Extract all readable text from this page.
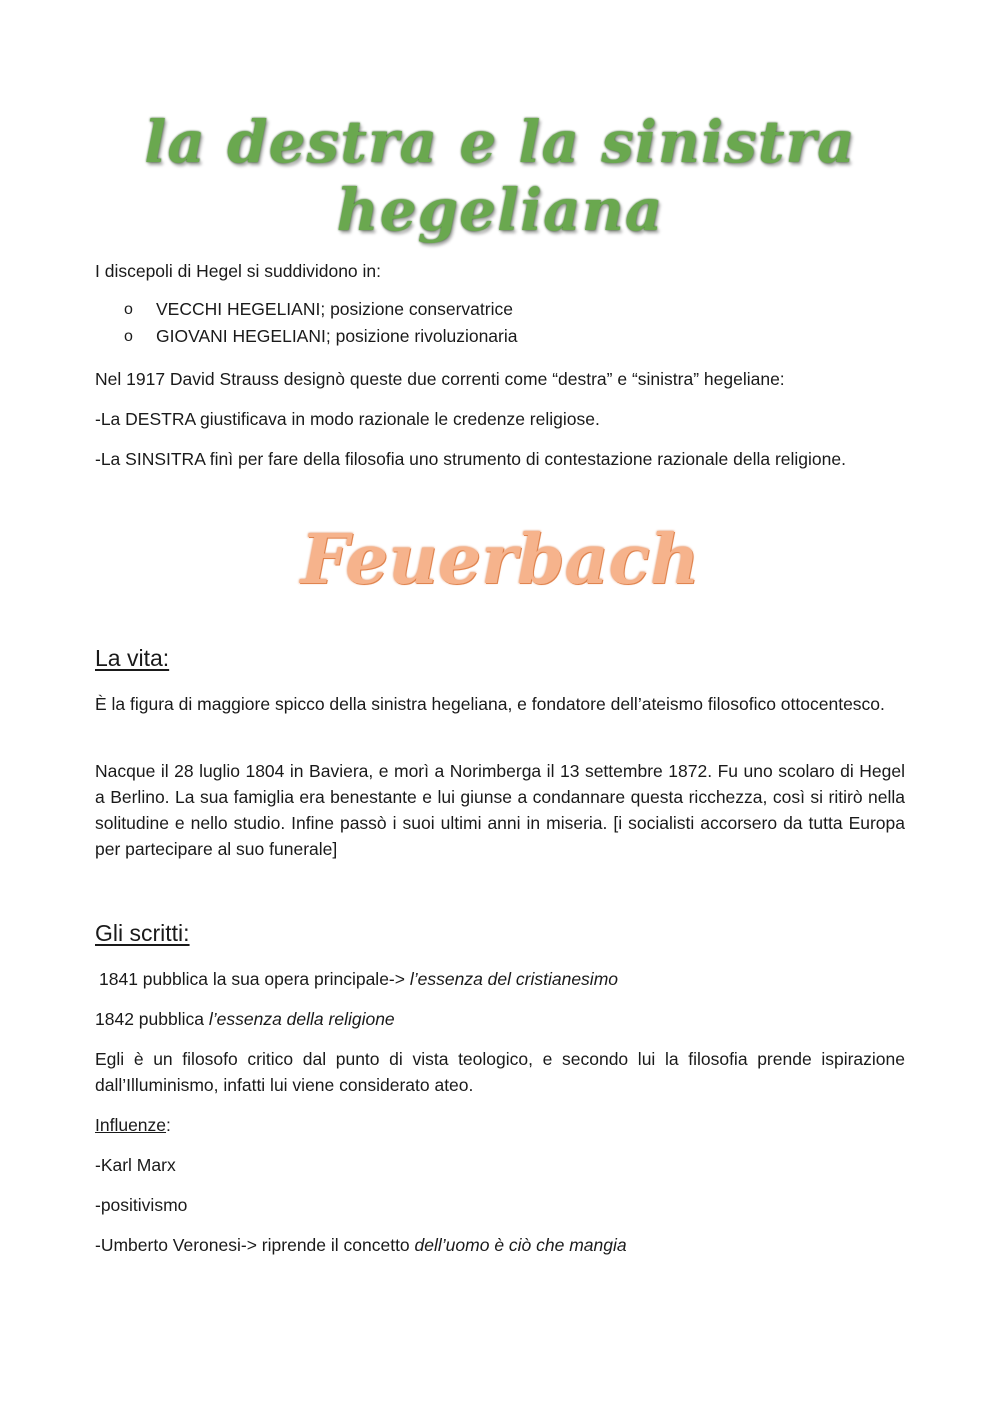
la destra e la sinistra hegeliana

I discepoli di Hegel si suddividono in:

o VECCHI HEGELIANI; posizione conservatrice
o GIOVANI HEGELIANI; posizione rivoluzionaria

Nel 1917 David Strauss designò queste due correnti come “destra” e “sinistra” hegeliane:

-La DESTRA giustificava in modo razionale le credenze religiose.

-La SINSITRA finì per fare della filosofia uno strumento di contestazione razionale della religione.

Feuerbach
La vita:

È la figura di maggiore spicco della sinistra hegeliana, e fondatore dell’ateismo filosofico ottocentesco.

Nacque il 28 luglio 1804 in Baviera, e morì a Norimberga il 13 settembre 1872. Fu uno scolaro di Hegel a Berlino. La sua famiglia era benestante e lui giunse a condannare questa ricchezza, così si ritirò nella solitudine e nello studio. Infine passò i suoi ultimi anni in miseria. [i socialisti accorsero da tutta Europa per partecipare al suo funerale]

Gli scritti:

1841 pubblica la sua opera principale-> l’essenza del cristianesimo

1842 pubblica l’essenza della religione

Egli è un filosofo critico dal punto di vista teologico, e secondo lui la filosofia prende ispirazione dall’Illuminismo, infatti lui viene considerato ateo.

Influenze:

-Karl Marx

-positivismo

-Umberto Veronesi-> riprende il concetto dell’uomo è ciò che mangia
